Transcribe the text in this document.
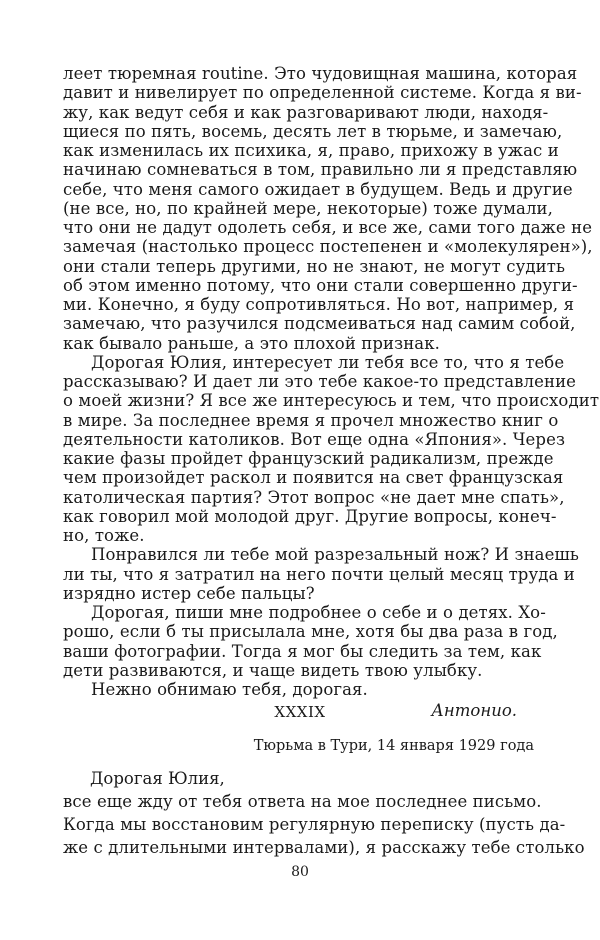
леет тюремная routine. Это чудовищная машина, которая
давит и нивелирует по определенной системе. Когда я ви-
жу, как ведут себя и как разговаривают люди, находя-
щиеся по пять, восемь, десять лет в тюрьме, и замечаю,
как изменилась их психика, я, право, прихожу в ужас и
начинаю сомневаться в том, правильно ли я представляю
себе, что меня самого ожидает в будущем. Ведь и другие
(не все, но, по крайней мере, некоторые) тоже думали,
что они не дадут одолеть себя, и все же, сами того даже не
замечая (настолько процесс постепенен и «молекулярен»),
они стали теперь другими, но не знают, не могут судить
об этом именно потому, что они стали совершенно други-
ми. Конечно, я буду сопротивляться. Но вот, например, я
замечаю, что разучился подсмеиваться над самим собой,
как бывало раньше, а это плохой признак.
Дорогая Юлия, интересует ли тебя все то, что я тебе
рассказываю? И дает ли это тебе какое-то представление
о моей жизни? Я все же интересуюсь и тем, что происходит
в мире. За последнее время я прочел множество книг о
деятельности католиков. Вот еще одна «Япония». Через
какие фазы пройдет французский радикализм, прежде
чем произойдет раскол и появится на свет французская
католическая партия? Этот вопрос «не дает мне спать»,
как говорил мой молодой друг. Другие вопросы, конеч-
но, тоже.
Понравился ли тебе мой разрезальный нож? И знаешь
ли ты, что я затратил на него почти целый месяц труда и
изрядно истер себе пальцы?
Дорогая, пиши мне подробнее о себе и о детях. Хо-
рошо, если б ты присылала мне, хотя бы два раза в год,
ваши фотографии. Тогда я мог бы следить за тем, как
дети развиваются, и чаще видеть твою улыбку.
Нежно обнимаю тебя, дорогая.
Антонио.
XXXIX
Тюрьма в Тури, 14 января 1929 года
Дорогая Юлия,
все еще жду от тебя ответа на мое последнее письмо.
Когда мы восстановим регулярную переписку (пусть да-
же с длительными интервалами), я расскажу тебе столько
80
